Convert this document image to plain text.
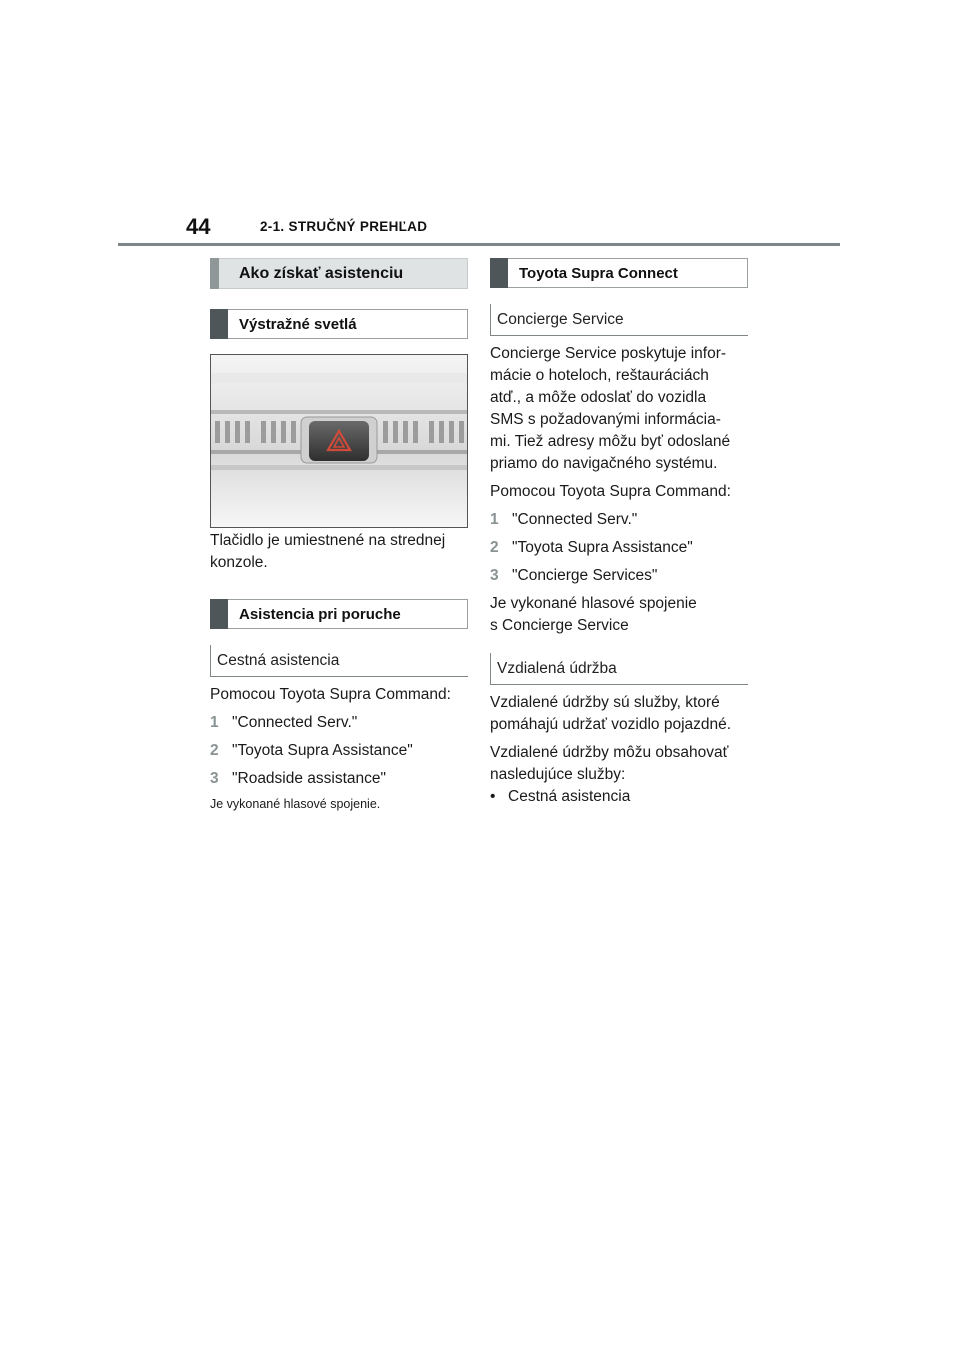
44	2-1. STRUČNÝ PREHĽAD
Ako získať asistenciu
Výstražné svetlá

Tlačidlo je umiestnené na strednej konzole.

Asistencia pri poruche
Cestná asistencia

Pomocou Toyota Supra Command:

1 "Connected Serv."
2 "Toyota Supra Assistance"
3 "Roadside assistance"
Je vykonané hlasové spojenie.
Toyota Supra Connect
Concierge Service
Concierge Service poskytuje infor-
mácie o hoteloch, reštauráciách
atď., a môže odoslať do vozidla
SMS s požadovanými informácia-
mi. Tiež adresy môžu byť odoslané
priamo do navigačného systému.

Pomocou Toyota Supra Command:

1 "Connected Serv."
2 "Toyota Supra Assistance"
3 "Concierge Services"
Je vykonané hlasové spojenie
s Concierge Service
Vzdialená údržba
Vzdialené údržby sú služby, ktoré
pomáhajú udržať vozidlo pojazdné.
Vzdialené údržby môžu obsahovať
nasledujúce služby:
• Cestná asistencia
